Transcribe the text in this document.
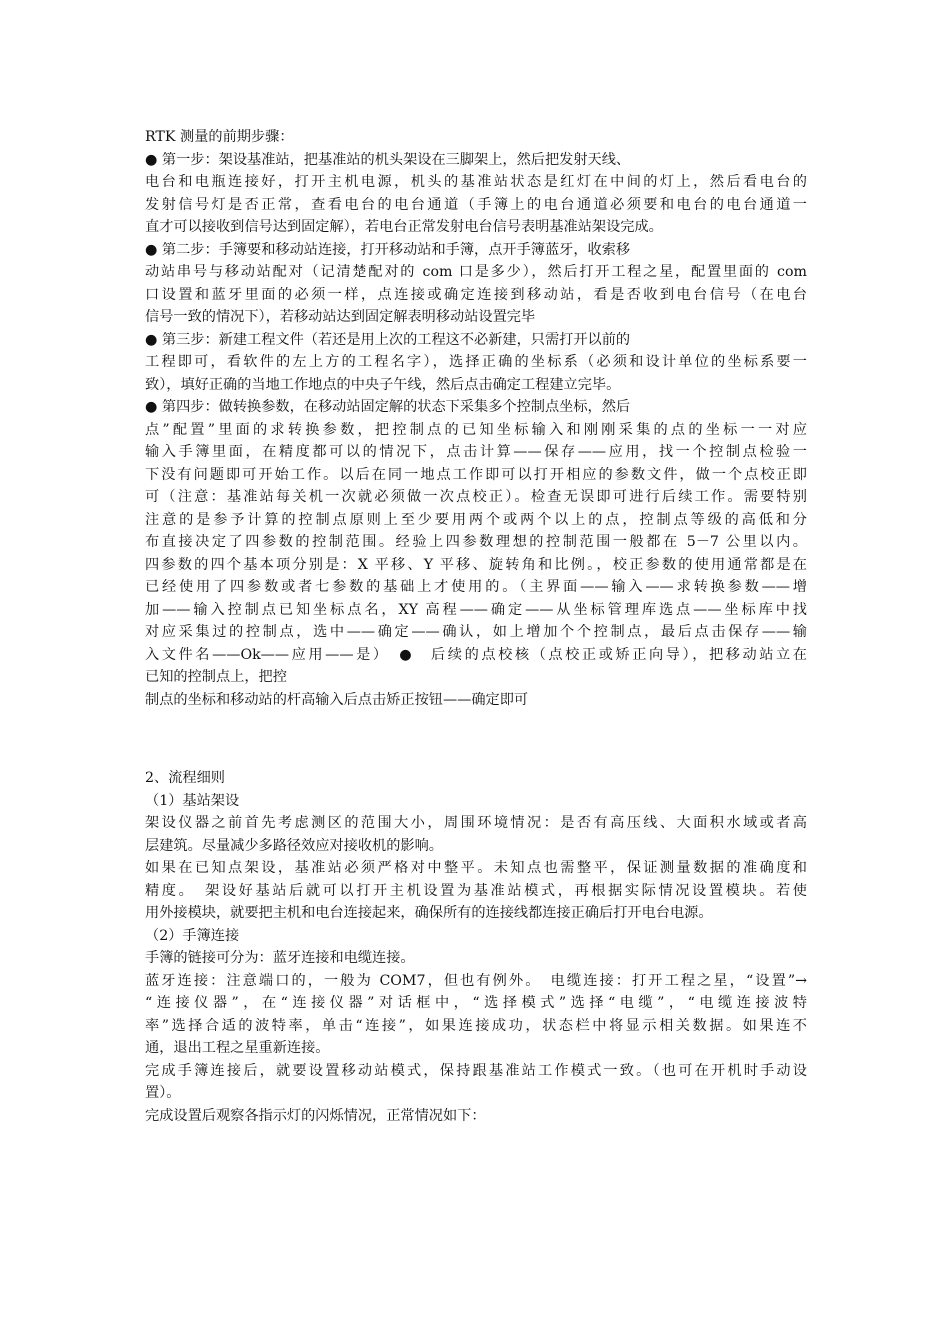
RTK 测量的前期步骤：
● 第一步：架设基准站，把基准站的机头架设在三脚架上，然后把发射天线、
电台和电瓶连接好，打开主机电源，机头的基准站状态是红灯在中间的灯上，然后看电台的
发射信号灯是否正常，查看电台的电台通道（手簿上的电台通道必须要和电台的电台通道一
直才可以接收到信号达到固定解），若电台正常发射电台信号表明基准站架设完成。
● 第二步：手簿要和移动站连接，打开移动站和手簿，点开手簿蓝牙，收索移
动站串号与移动站配对（记清楚配对的 com 口是多少），然后打开工程之星，配置里面的 com
口设置和蓝牙里面的必须一样，点连接或确定连接到移动站，看是否收到电台信号（在电台
信号一致的情况下），若移动站达到固定解表明移动站设置完毕
● 第三步：新建工程文件（若还是用上次的工程这不必新建，只需打开以前的
工程即可，看软件的左上方的工程名字），选择正确的坐标系（必须和设计单位的坐标系要一
致），填好正确的当地工作地点的中央子午线，然后点击确定工程建立完毕。
● 第四步：做转换参数，在移动站固定解的状态下采集多个控制点坐标，然后
点”配置”里面的求转换参数，把控制点的已知坐标输入和刚刚采集的点的坐标一一对应
输入手簿里面，在精度都可以的情况下，点击计算——保存——应用，找一个控制点检验一
下没有问题即可开始工作。以后在同一地点工作即可以打开相应的参数文件，做一个点校正即
可（注意：基准站每关机一次就必须做一次点校正）。检查无误即可进行后续工作。需要特别
注意的是参予计算的控制点原则上至少要用两个或两个以上的点，控制点等级的高低和分
布直接决定了四参数的控制范围。经验上四参数理想的控制范围一般都在 5－7 公里以内。
四参数的四个基本项分别是：X 平移、Y 平移、旋转角和比例。，校正参数的使用通常都是在
已经使用了四参数或者七参数的基础上才使用的。（主界面——输入——求转换参数——增
加——输入控制点已知坐标点名，XY 高程——确定——从坐标管理库选点——坐标库中找
对应采集过的控制点，选中——确定——确认，如上增加个个控制点，最后点击保存——输
入文件名——Ok——应用——是）　●　后续的点校核（点校正或矫正向导），把移动站立在
已知的控制点上，把控
制点的坐标和移动站的杆高输入后点击矫正按钮——确定即可
2、流程细则
（1）基站架设
架设仪器之前首先考虑测区的范围大小，周围环境情况：是否有高压线、大面积水域或者高
层建筑。尽量减少多路径效应对接收机的影响。
如果在已知点架设，基准站必须严格对中整平。未知点也需整平，保证测量数据的准确度和
精度。　架设好基站后就可以打开主机设置为基准站模式，再根据实际情况设置模块。若使
用外接模块，就要把主机和电台连接起来，确保所有的连接线都连接正确后打开电台电源。
（2）手簿连接
手簿的链接可分为：蓝牙连接和电缆连接。
蓝牙连接：注意端口的，一般为 COM7，但也有例外。　电缆连接：打开工程之星，“设置”→
“连接仪器”，在“连接仪器”对话框中，“选择模式”选择“电缆”，“电缆连接波特
率”选择合适的波特率，单击“连接”，如果连接成功，状态栏中将显示相关数据。如果连不
通，退出工程之星重新连接。
完成手簿连接后，就要设置移动站模式，保持跟基准站工作模式一致。（也可在开机时手动设
置）。
完成设置后观察各指示灯的闪烁情况，正常情况如下：
